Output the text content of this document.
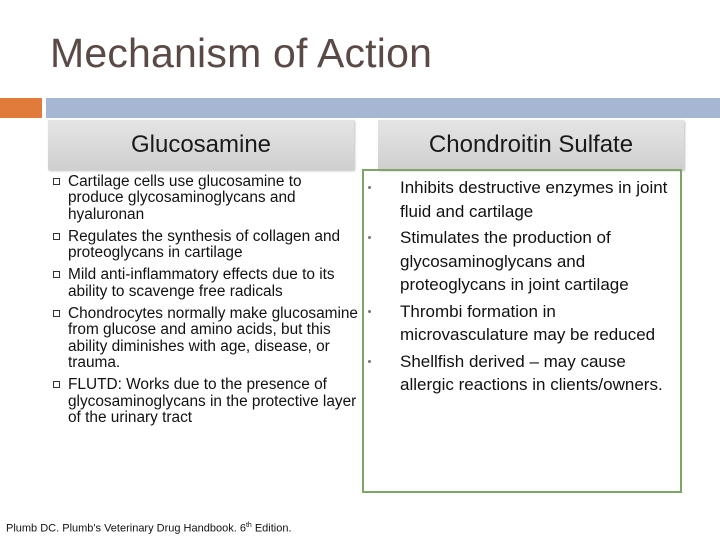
Mechanism of Action
Glucosamine	Chondroitin Sulfate
Cartilage cells use glucosamine to produce glycosaminoglycans and hyaluronan
Regulates the synthesis of collagen and proteoglycans in cartilage
Mild anti-inflammatory effects due to its ability to scavenge free radicals
Chondrocytes normally make glucosamine from glucose and amino acids, but this ability diminishes with age, disease, or trauma.
FLUTD: Works due to the presence of glycosaminoglycans in the protective layer of the urinary tract
Inhibits destructive enzymes in joint fluid and cartilage
Stimulates the production of glycosaminoglycans and proteoglycans in joint cartilage
Thrombi formation in microvasculature may be reduced
Shellfish derived – may cause allergic reactions in clients/owners.
Plumb DC. Plumb's Veterinary Drug Handbook. 6th Edition.
